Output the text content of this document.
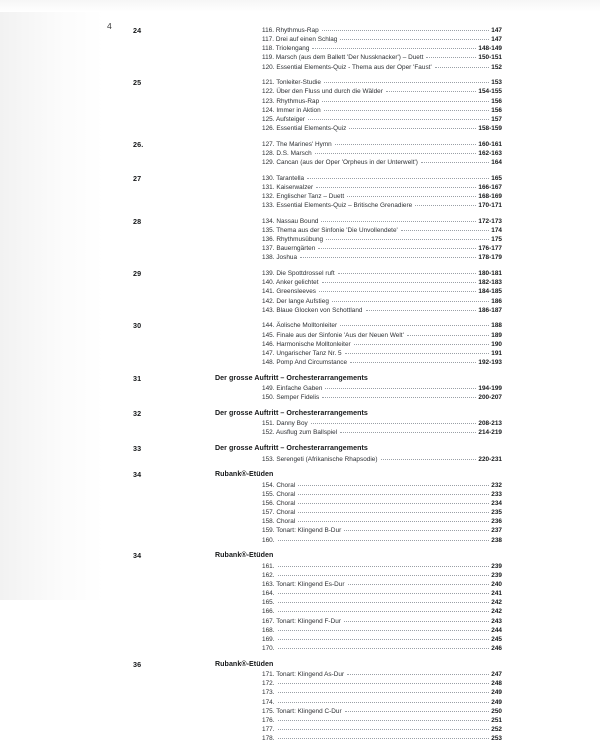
4	24	116. Rhythmus-Rap	147
117. Drei auf einen Schlag	147
118. Triolengang	148-149
119. Marsch (aus dem Ballett 'Der Nussknacker') – Duett	150-151
120. Essential Elements-Quiz - Thema aus der Oper 'Faust'	152
25	121. Tonleiter-Studie	153
122. Über den Fluss und durch die Wälder	154-155
123. Rhythmus-Rap	156
124. Immer in Aktion	156
125. Aufsteiger	157
126. Essential Elements-Quiz	158-159
26.	127. The Marines' Hymn	160-161
128. D.S. Marsch	162-163
129. Cancan (aus der Oper 'Orpheus in der Unterwelt')	164
27	130. Tarantella	165
131. Kaiserwalzer	166-167
132. Englischer Tanz – Duett	168-169
133. Essential Elements-Quiz – Britische Grenadiere	170-171
28	134. Nassau Bound	172-173
135. Thema aus der Sinfonie 'Die Unvollendete'	174
136. Rhythmusübung	175
137. Bauerngärten	176-177
138. Joshua	178-179
29	139. Die Spottdrossel ruft	180-181
140. Anker gelichtet	182-183
141. Greensleeves	184-185
142. Der lange Aufstieg	186
143. Blaue Glocken von Schottland	186-187
30	144. Äolische Molltonleiter	188
145. Finale aus der Sinfonie 'Aus der Neuen Welt'	189
146. Harmonische Molltonleiter	190
147. Ungarischer Tanz Nr. 5	191
148. Pomp And Circumstance	192-193
31	Der grosse Auftritt – Orchesterarrangements
149. Einfache Gaben	194-199
150. Semper Fidelis	200-207
32	Der grosse Auftritt – Orchesterarrangements
151. Danny Boy	208-213
152. Ausflug zum Ballspiel	214-219
33	Der grosse Auftritt – Orchesterarrangements
153. Serengeti (Afrikanische Rhapsodie)	220-231
34	Rubank®-Etüden
154. Choral	232
155. Choral	233
156. Choral	234
157. Choral	235
158. Choral	236
159. Tonart: Klingend B-Dur	237
160.	238
34	Rubank®-Etüden
161.	239
162.	239
163. Tonart: Klingend Es-Dur	240
164.	241
165.	242
166.	242
167. Tonart: Klingend F-Dur	243
168.	244
169.	245
170.	246
36	Rubank®-Etüden
171. Tonart: Klingend As-Dur	247
172.	248
173.	249
174.	249
175. Tonart: Klingend C-Dur	250
176.	251
177.	252
178.	253
